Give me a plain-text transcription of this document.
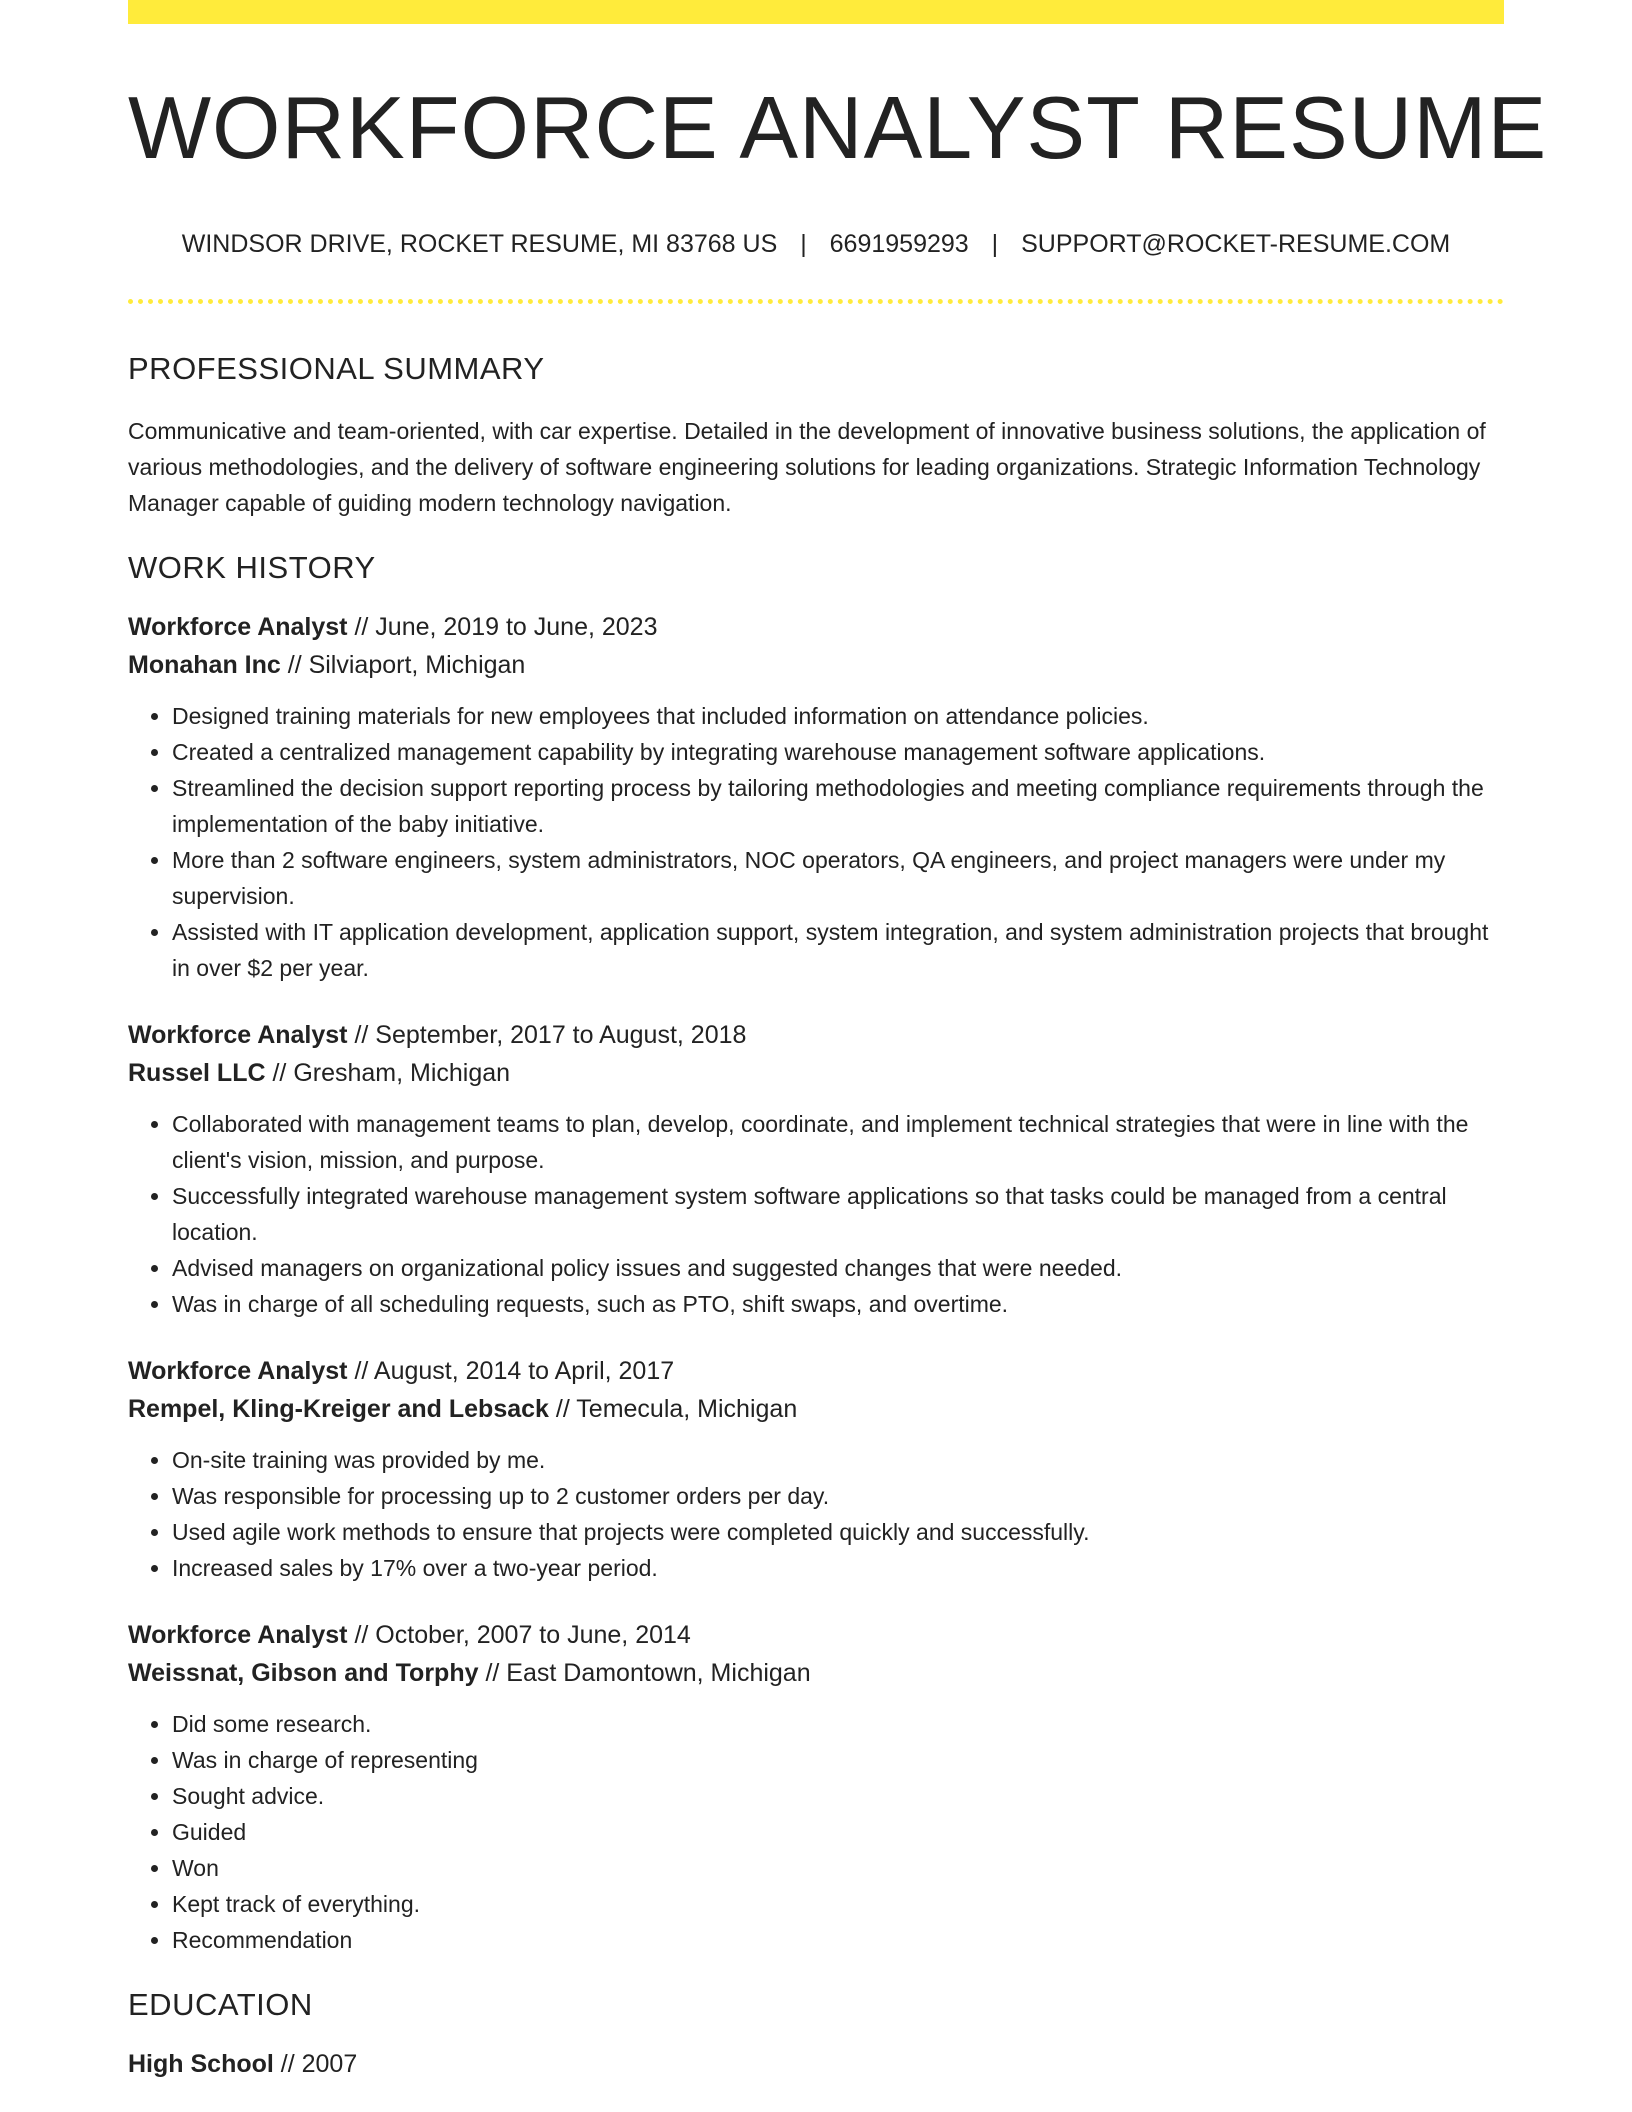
WORKFORCE ANALYST RESUME
WINDSOR DRIVE, ROCKET RESUME, MI 83768 US | 6691959293 | SUPPORT@ROCKET-RESUME.COM
PROFESSIONAL SUMMARY

Communicative and team-oriented, with car expertise. Detailed in the development of innovative business solutions, the application of various methodologies, and the delivery of software engineering solutions for leading organizations. Strategic Information Technology Manager capable of guiding modern technology navigation.

WORK HISTORY
Workforce Analyst // June, 2019 to June, 2023
Monahan Inc // Silviaport, Michigan
• Designed training materials for new employees that included information on attendance policies.
• Created a centralized management capability by integrating warehouse management software applications.
• Streamlined the decision support reporting process by tailoring methodologies and meeting compliance requirements through the implementation of the baby initiative.
• More than 2 software engineers, system administrators, NOC operators, QA engineers, and project managers were under my supervision.
• Assisted with IT application development, application support, system integration, and system administration projects that brought in over $2 per year.
Workforce Analyst // September, 2017 to August, 2018
Russel LLC // Gresham, Michigan
• Collaborated with management teams to plan, develop, coordinate, and implement technical strategies that were in line with the client's vision, mission, and purpose.
• Successfully integrated warehouse management system software applications so that tasks could be managed from a central location.
• Advised managers on organizational policy issues and suggested changes that were needed.
• Was in charge of all scheduling requests, such as PTO, shift swaps, and overtime.
Workforce Analyst // August, 2014 to April, 2017
Rempel, Kling-Kreiger and Lebsack // Temecula, Michigan
• On-site training was provided by me.
• Was responsible for processing up to 2 customer orders per day.
• Used agile work methods to ensure that projects were completed quickly and successfully.
• Increased sales by 17% over a two-year period.
Workforce Analyst // October, 2007 to June, 2014
Weissnat, Gibson and Torphy // East Damontown, Michigan
• Did some research.
• Was in charge of representing
• Sought advice.
• Guided
• Won
• Kept track of everything.
• Recommendation
EDUCATION
High School // 2007
